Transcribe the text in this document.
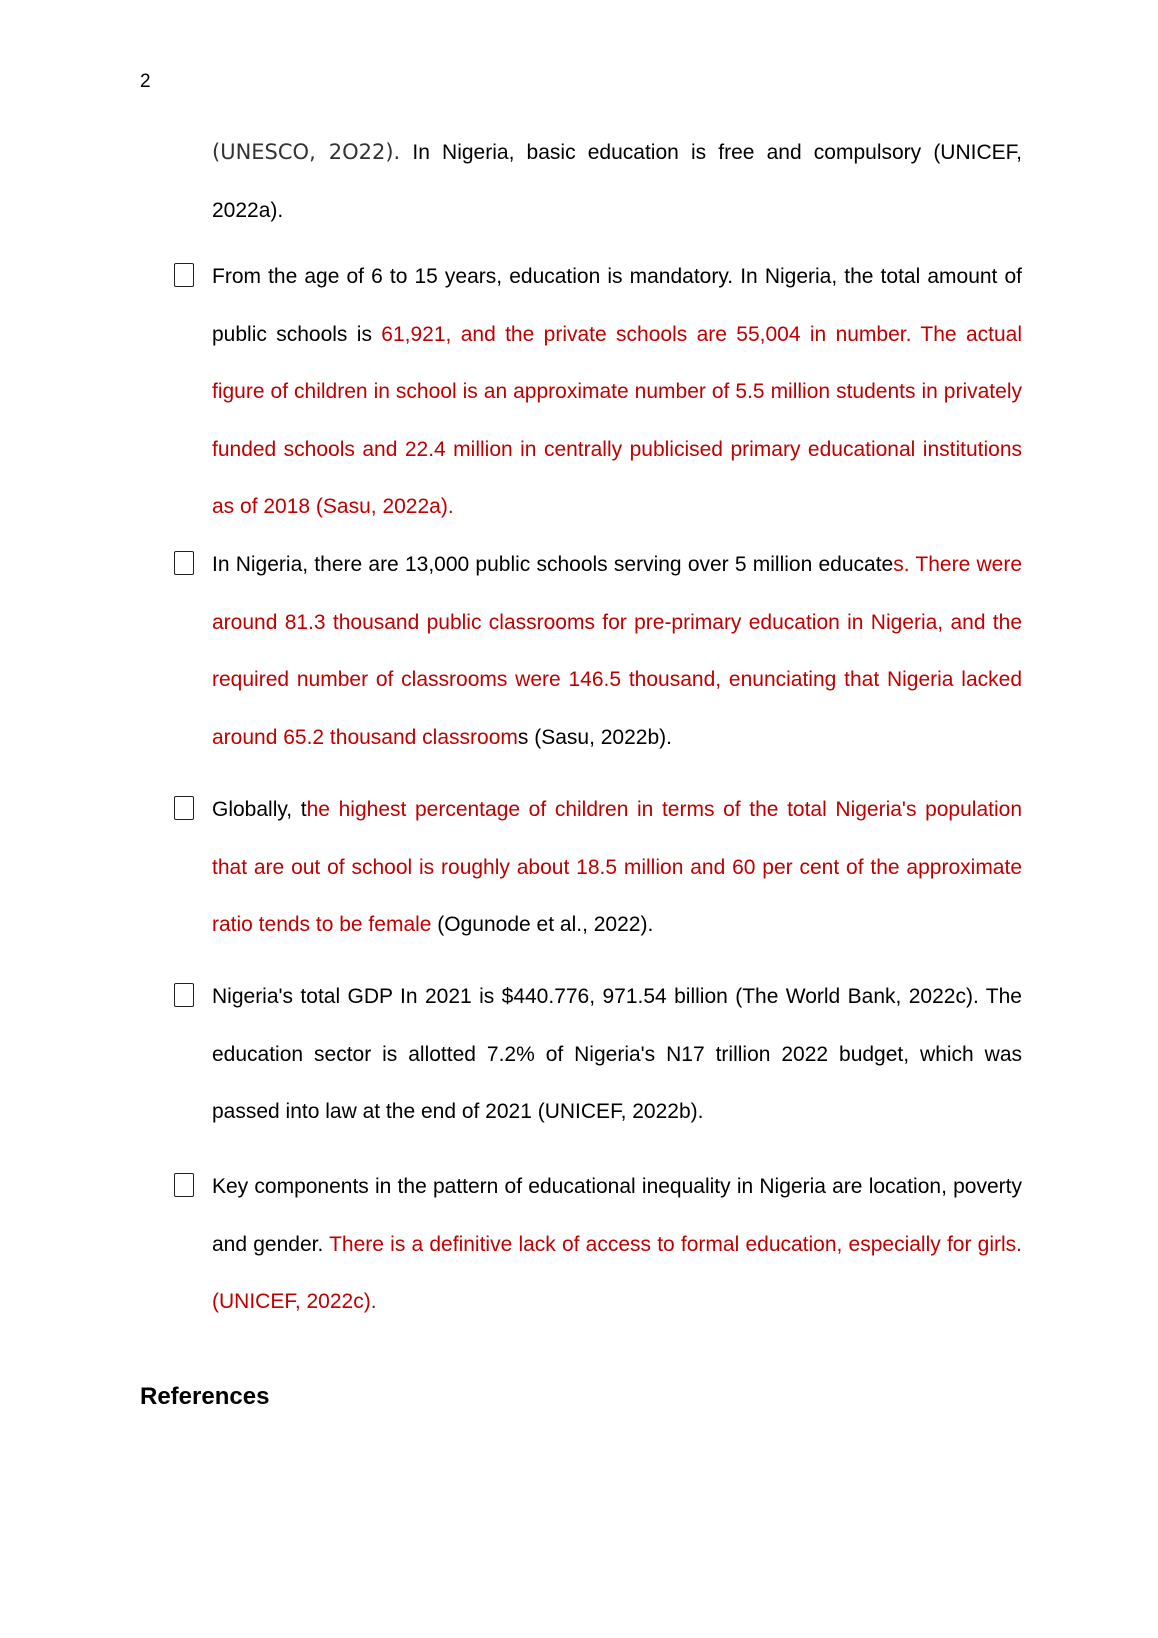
2

(UNESCO, 2O22). In Nigeria, basic education is free and compulsory (UNICEF, 2022a).

From the age of 6 to 15 years, education is mandatory. In Nigeria, the total amount of public schools is 61,921, and the private schools are 55,004 in number. The actual figure of children in school is an approximate number of 5.5 million students in privately funded schools and 22.4 million in centrally publicised primary educational institutions as of 2018 (Sasu, 2022a).

In Nigeria, there are 13,000 public schools serving over 5 million educates. There were around 81.3 thousand public classrooms for pre-primary education in Nigeria, and the required number of classrooms were 146.5 thousand, enunciating that Nigeria lacked around 65.2 thousand classrooms (Sasu, 2022b).

Globally, the highest percentage of children in terms of the total Nigeria's population that are out of school is roughly about 18.5 million and 60 per cent of the approximate ratio tends to be female (Ogunode et al., 2022).

Nigeria's total GDP In 2021 is $440.776, 971.54 billion (The World Bank, 2022c). The education sector is allotted 7.2% of Nigeria's N17 trillion 2022 budget, which was passed into law at the end of 2021 (UNICEF, 2022b).

Key components in the pattern of educational inequality in Nigeria are location, poverty and gender. There is a definitive lack of access to formal education, especially for girls. (UNICEF, 2022c).

References
